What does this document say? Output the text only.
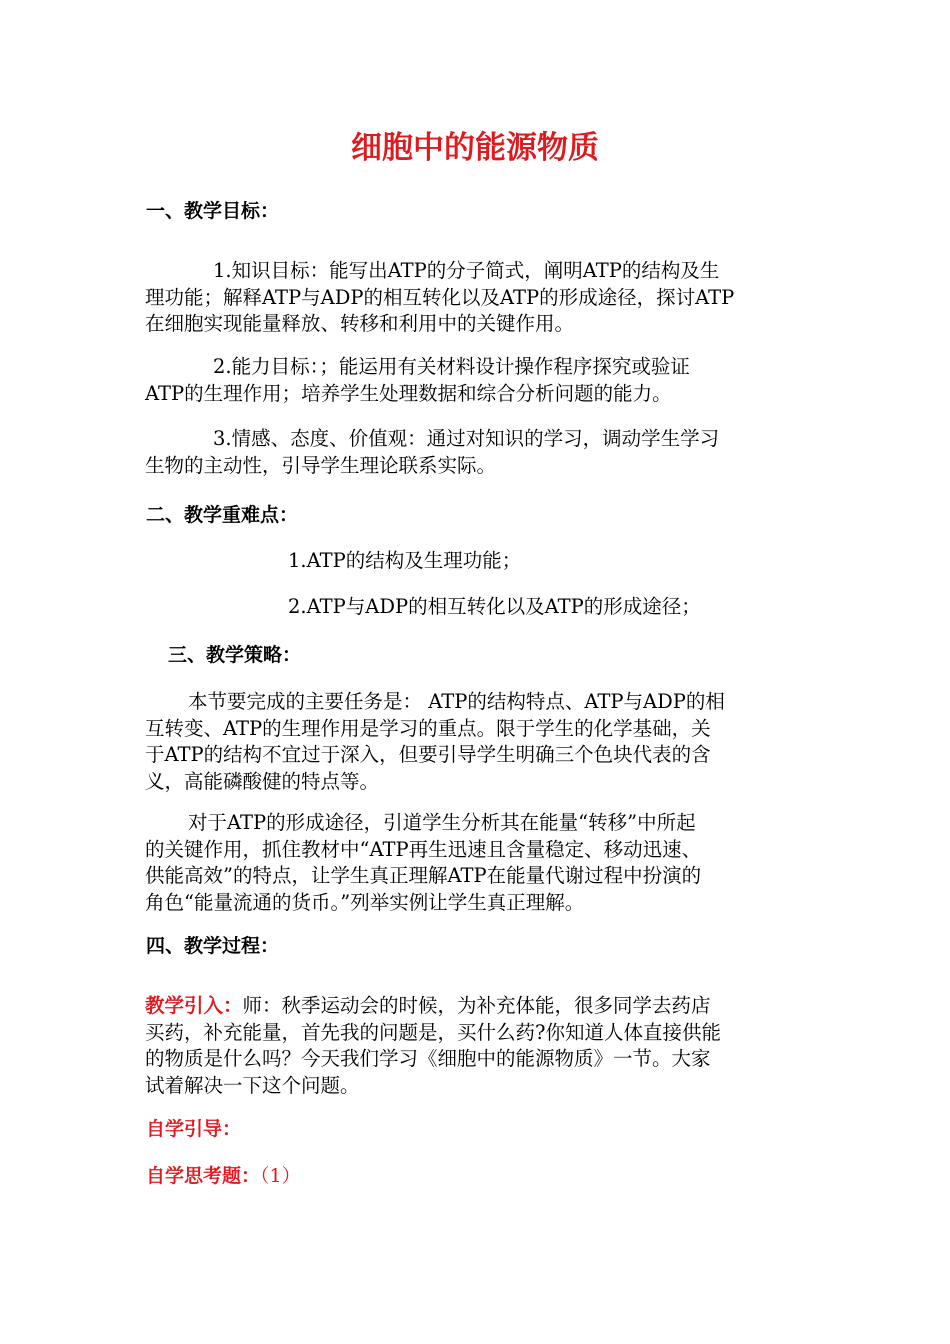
细胞中的能源物质
一、教学目标：
1.知识目标：能写出ATP的分子简式，阐明ATP的结构及生
理功能；解释ATP与ADP的相互转化以及ATP的形成途径，探讨ATP
在细胞实现能量释放、转移和利用中的关键作用。
2.能力目标：；能运用有关材料设计操作程序探究或验证
ATP的生理作用；培养学生处理数据和综合分析问题的能力。
3.情感、态度、价值观：通过对知识的学习，调动学生学习
生物的主动性，引导学生理论联系实际。
二、教学重难点：
1.ATP的结构及生理功能；
2.ATP与ADP的相互转化以及ATP的形成途径；
三、教学策略：
本节要完成的主要任务是： ATP的结构特点、ATP与ADP的相
互转变、ATP的生理作用是学习的重点。限于学生的化学基础，关
于ATP的结构不宜过于深入，但要引导学生明确三个色块代表的含
义，高能磷酸健的特点等。
对于ATP的形成途径，引道学生分析其在能量“转移”中所起
的关键作用，抓住教材中“ATP再生迅速且含量稳定、移动迅速、
供能高效”的特点，让学生真正理解ATP在能量代谢过程中扮演的
角色“能量流通的货币。”列举实例让学生真正理解。
四、教学过程：
教学引入：师：秋季运动会的时候，为补充体能，很多同学去药店
买药，补充能量，首先我的问题是，买什么药?你知道人体直接供能
的物质是什么吗？今天我们学习《细胞中的能源物质》一节。大家
试着解决一下这个问题。
自学引导：
自学思考题：（1）
